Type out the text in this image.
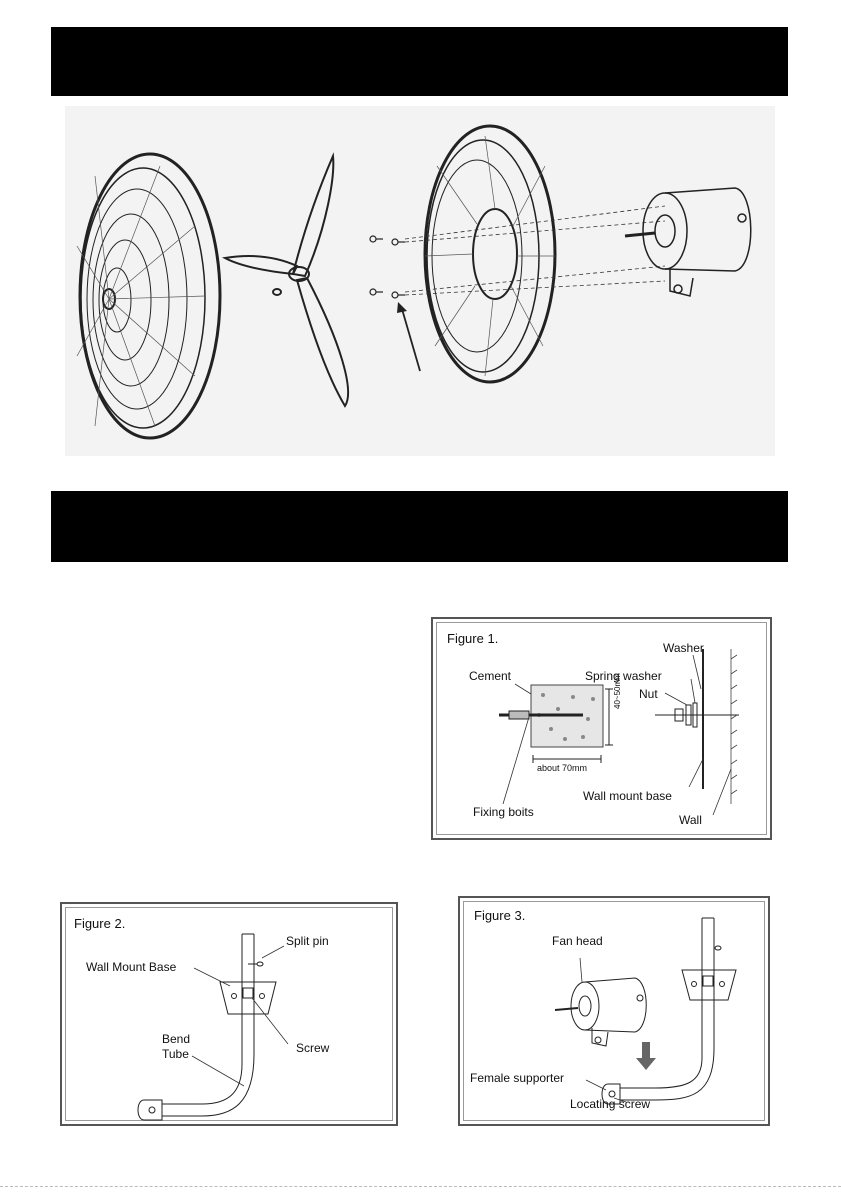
Figure 1.
Cement
Washer
Spring washer
Nut
40~50mm
about 70mm
Fixing boits
Wall mount base
Wall
Figure 2.
Split pin
Wall Mount Base
Bend
Tube	Screw
Figure 3.
Fan head
Female supporter
Locating screw
